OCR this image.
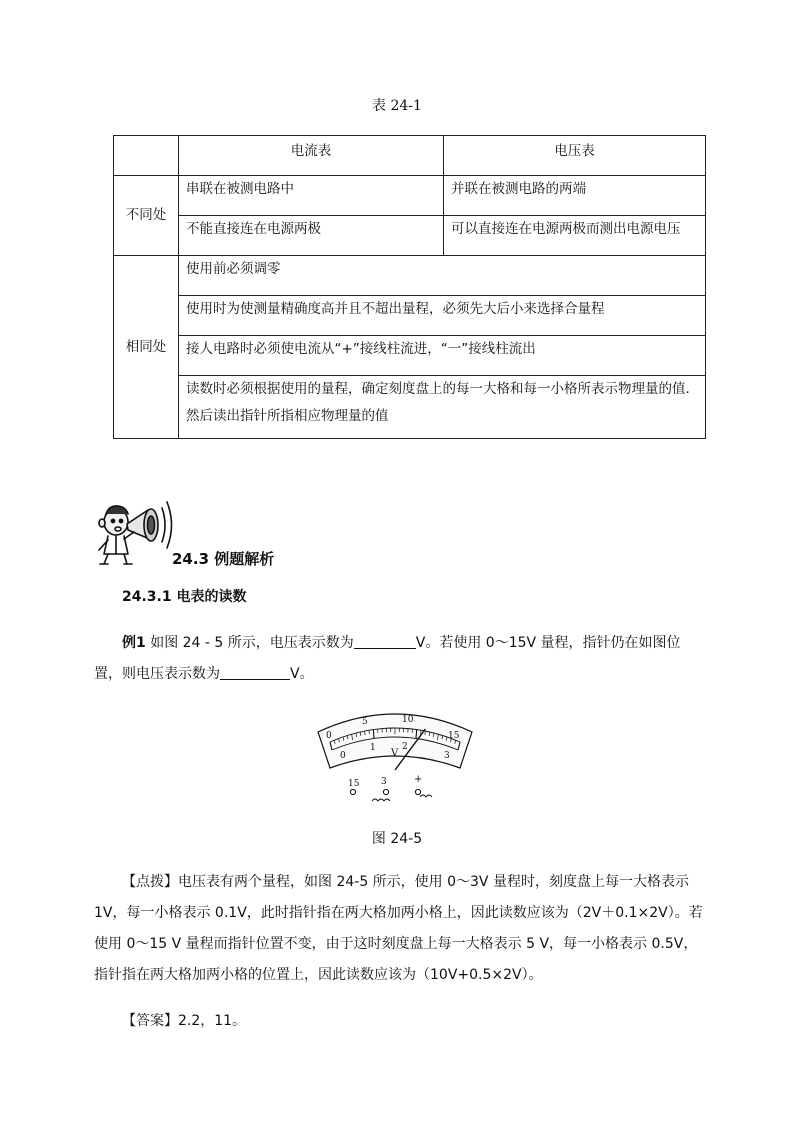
表 24-1
	电流表	电压表
不同处	串联在被测电路中	并联在被测电路的两端
	不能直接连在电源两极	可以直接连在电源两极而测出电源电压
相同处	使用前必须调零	
	使用时为使测量精确度高并且不超出量程，必须先大后小来选择合量程	
	接人电路时必须使电流从“+”接线柱流进，“一”接线柱流出	
	读数时必须根据使用的量程，确定刻度盘上的每一大格和每一小格所表示物理量的值.然后读出指针所指相应物理量的值	
24.3 例题解析
24.3.1 电表的读数
例1 如图 24 - 5 所示，电压表示数为	V。若使用 0～15V 量程，指针仍在如图位置，则电压表示数为	V。
0
5	10
15
0
1	2
3
V
15 3	+
图 24-5
【点拨】电压表有两个量程，如图 24-5 所示，使用 0～3V 量程时，刻度盘上每一大格表示 1V，每一小格表示 0.1V，此时指针指在两大格加两小格上，因此读数应该为（2V＋0.1×2V）。若使用 0～15 V 量程而指针位置不变，由于这时刻度盘上每一大格表示 5 V，每一小格表示 0.5V，指针指在两大格加两小格的位置上，因此读数应该为（10V+0.5×2V）。
【答案】2.2，11。
